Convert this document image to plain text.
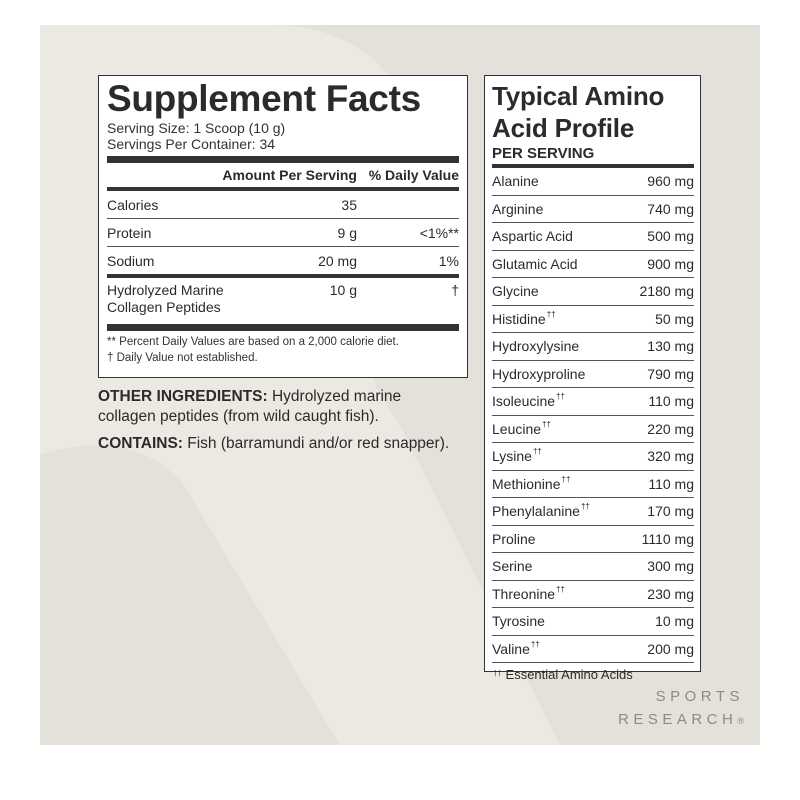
Supplement Facts
Serving Size: 1 Scoop (10 g)
Servings Per Container: 34
Amount Per Serving % Daily Value
Calories	35
Protein	9 g	<1%**
Sodium	20 mg	1%
Hydrolyzed Marine
Collagen Peptides
10 g	†
** Percent Daily Values are based on a 2,000 calorie diet.
† Daily Value not established.

OTHER INGREDIENTS: Hydrolyzed marine collagen peptides (from wild caught fish).

CONTAINS: Fish (barramundi and/or red snapper).

Typical Amino
Acid Profile
PER SERVING
Alanine	960 mg
Arginine	740 mg
Aspartic Acid	500 mg
Glutamic Acid	900 mg
Glycine	2180 mg
Histidine††	50 mg
Hydroxylysine	130 mg
Hydroxyproline	790 mg
Isoleucine††	110 mg
Leucine††	220 mg
Lysine††	320 mg
Methionine††	110 mg
Phenylalanine††	170 mg
Proline	1110 mg
Serine	300 mg
Threonine††	230 mg
Tyrosine	10 mg
Valine††	200 mg
†† Essential Amino Acids
SPORTS
RESEARCH®
